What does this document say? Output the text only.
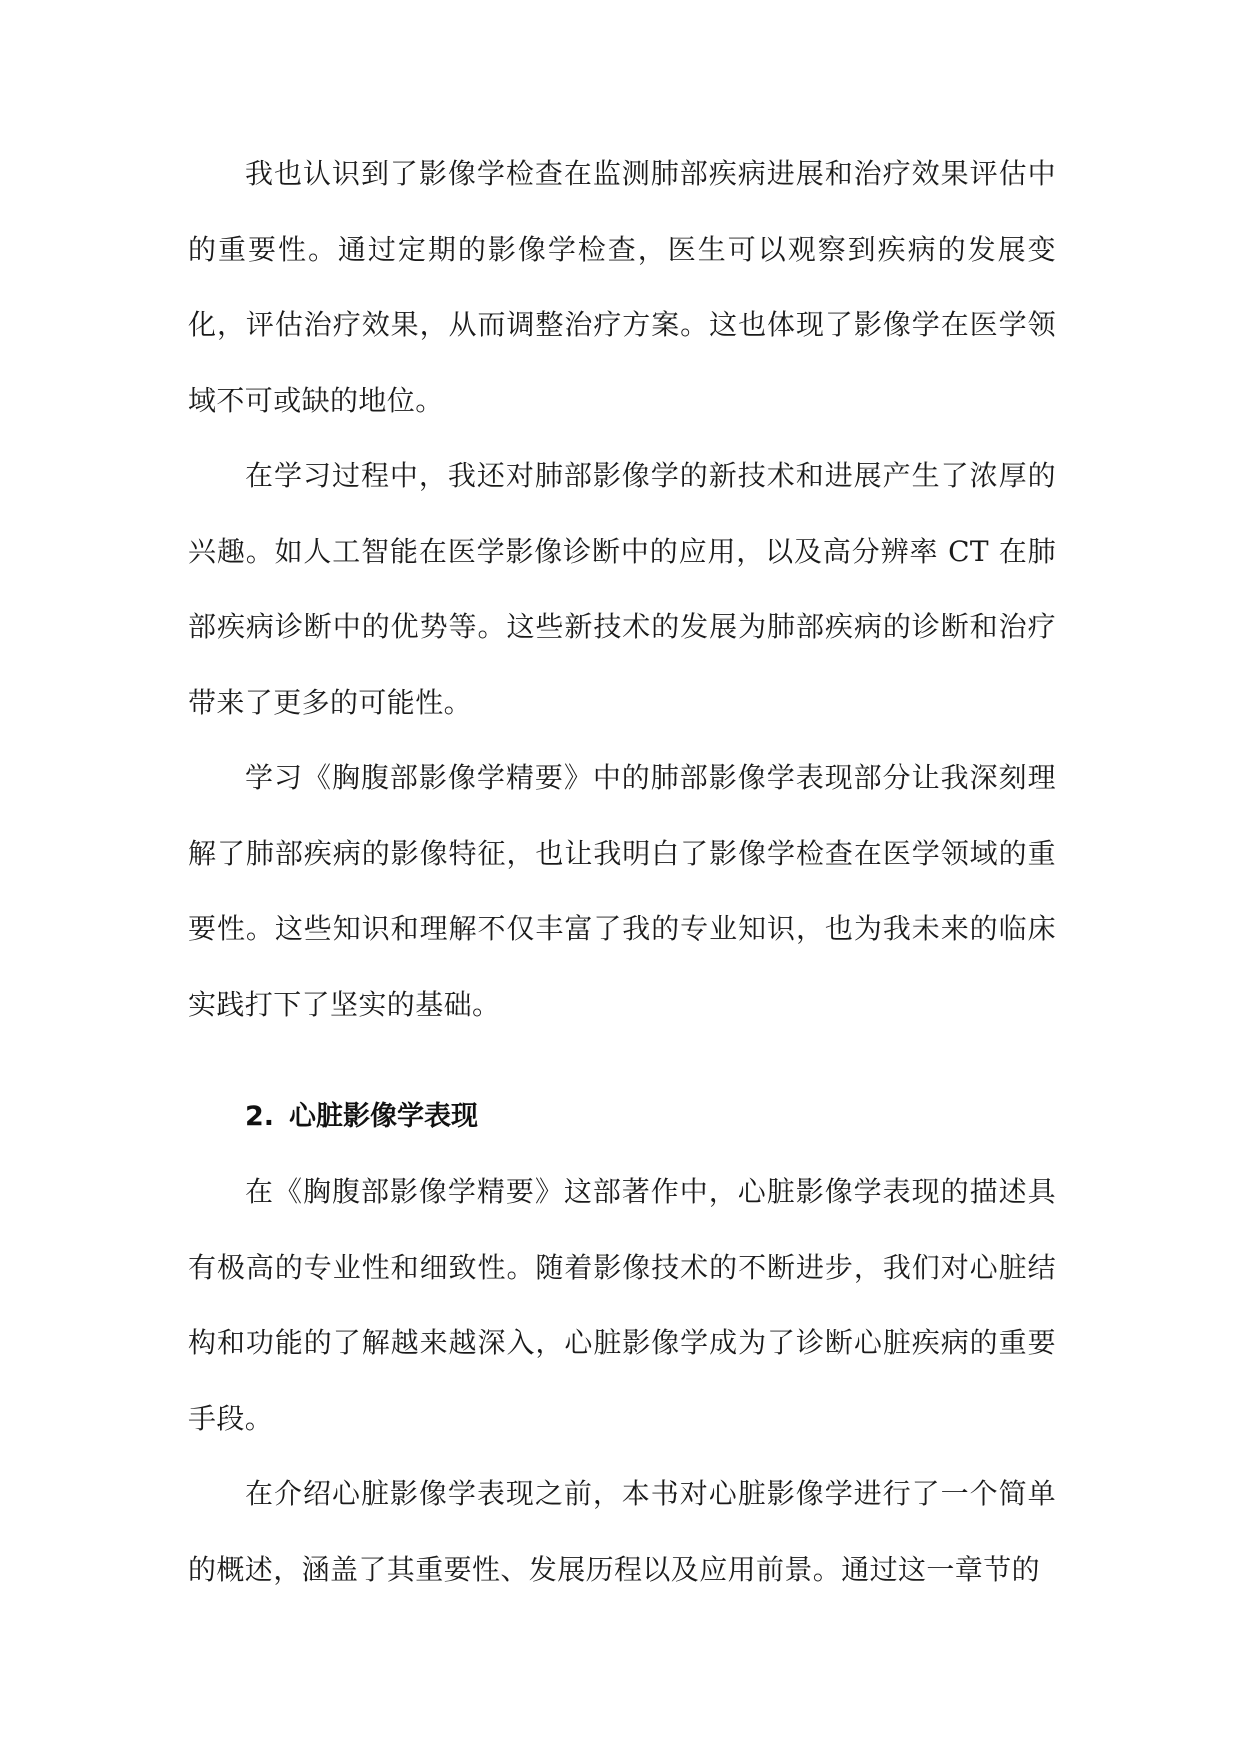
我也认识到了影像学检查在监测肺部疾病进展和治疗效果评估中的重要性。通过定期的影像学检查，医生可以观察到疾病的发展变化，评估治疗效果，从而调整治疗方案。这也体现了影像学在医学领域不可或缺的地位。

在学习过程中，我还对肺部影像学的新技术和进展产生了浓厚的兴趣。如人工智能在医学影像诊断中的应用，以及高分辨率 CT 在肺部疾病诊断中的优势等。这些新技术的发展为肺部疾病的诊断和治疗带来了更多的可能性。

学习《胸腹部影像学精要》中的肺部影像学表现部分让我深刻理解了肺部疾病的影像特征，也让我明白了影像学检查在医学领域的重要性。这些知识和理解不仅丰富了我的专业知识，也为我未来的临床实践打下了坚实的基础。

2. 心脏影像学表现

在《胸腹部影像学精要》这部著作中，心脏影像学表现的描述具有极高的专业性和细致性。随着影像技术的不断进步，我们对心脏结构和功能的了解越来越深入，心脏影像学成为了诊断心脏疾病的重要手段。

在介绍心脏影像学表现之前，本书对心脏影像学进行了一个简单的概述，涵盖了其重要性、发展历程以及应用前景。通过这一章节的
